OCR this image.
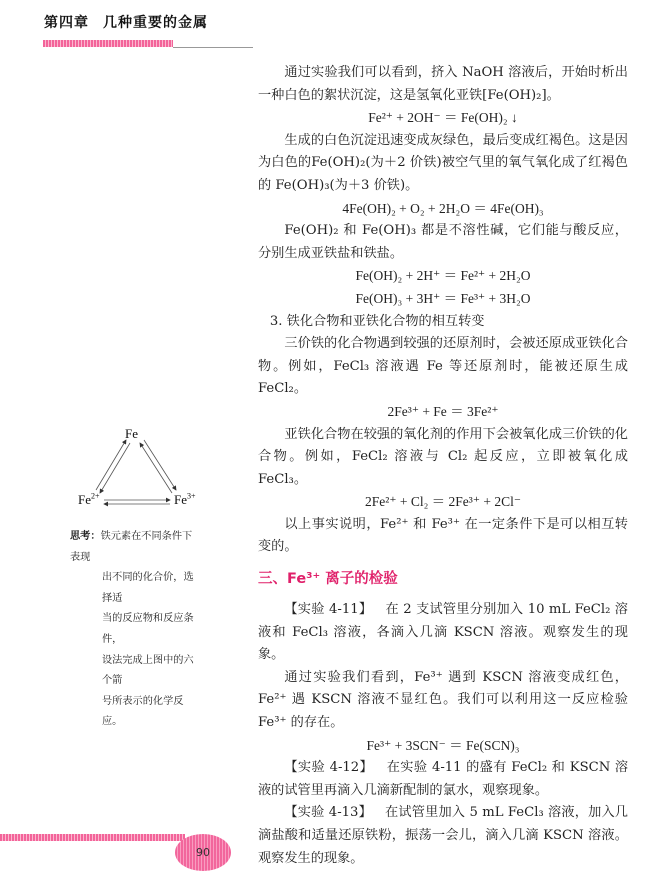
第四章 几种重要的金属

通过实验我们可以看到，挤入 NaOH 溶液后，开始时析出一种白色的絮状沉淀，这是氢氧化亚铁[Fe(OH)₂]。

Fe²⁺ + 2OH⁻ ＝ Fe(OH)₂ ↓

生成的白色沉淀迅速变成灰绿色，最后变成红褐色。这是因为白色的Fe(OH)₂(为＋2 价铁)被空气里的氧气氧化成了红褐色的 Fe(OH)₃(为＋3 价铁)。

4Fe(OH)₂ + O₂ + 2H₂O ＝ 4Fe(OH)₃

Fe(OH)₂ 和 Fe(OH)₃ 都是不溶性碱，它们能与酸反应，分别生成亚铁盐和铁盐。

Fe(OH)₂ + 2H⁺ ＝ Fe²⁺ + 2H₂O

Fe(OH)₃ + 3H⁺ ＝ Fe³⁺ + 3H₂O

3. 铁化合物和亚铁化合物的相互转变

三价铁的化合物遇到较强的还原剂时，会被还原成亚铁化合物。例如，FeCl₃ 溶液遇 Fe 等还原剂时，能被还原生成 FeCl₂。

2Fe³⁺ + Fe ＝ 3Fe²⁺

亚铁化合物在较强的氧化剂的作用下会被氧化成三价铁的化合物。例如，FeCl₂ 溶液与 Cl₂ 起反应，立即被氧化成 FeCl₃。

2Fe²⁺ + Cl₂ ＝ 2Fe³⁺ + 2Cl⁻

以上事实说明，Fe²⁺ 和 Fe³⁺ 在一定条件下是可以相互转变的。

三、Fe³⁺ 离子的检验

【实验 4-11】 在 2 支试管里分别加入 10 mL FeCl₂ 溶液和 FeCl₃ 溶液，各滴入几滴 KSCN 溶液。观察发生的现象。

通过实验我们看到，Fe³⁺ 遇到 KSCN 溶液变成红色，Fe²⁺ 遇 KSCN 溶液不显红色。我们可以利用这一反应检验 Fe³⁺ 的存在。

Fe³⁺ + 3SCN⁻ ＝ Fe(SCN)₃

【实验 4-12】 在实验 4-11 的盛有 FeCl₂ 和 KSCN 溶液的试管里再滴入几滴新配制的氯水，观察现象。

【实验 4-13】 在试管里加入 5 mL FeCl₃ 溶液，加入几滴盐酸和适量还原铁粉，振荡一会儿，滴入几滴 KSCN 溶液。观察发生的现象。

Fe
$Fe^{2+}$	$Fe^{3+}$
思考：铁元素在不同条件下表现
出不同的化合价，选择适
当的反应物和反应条件，
设法完成上图中的六个箭
号所表示的化学反应。
90
